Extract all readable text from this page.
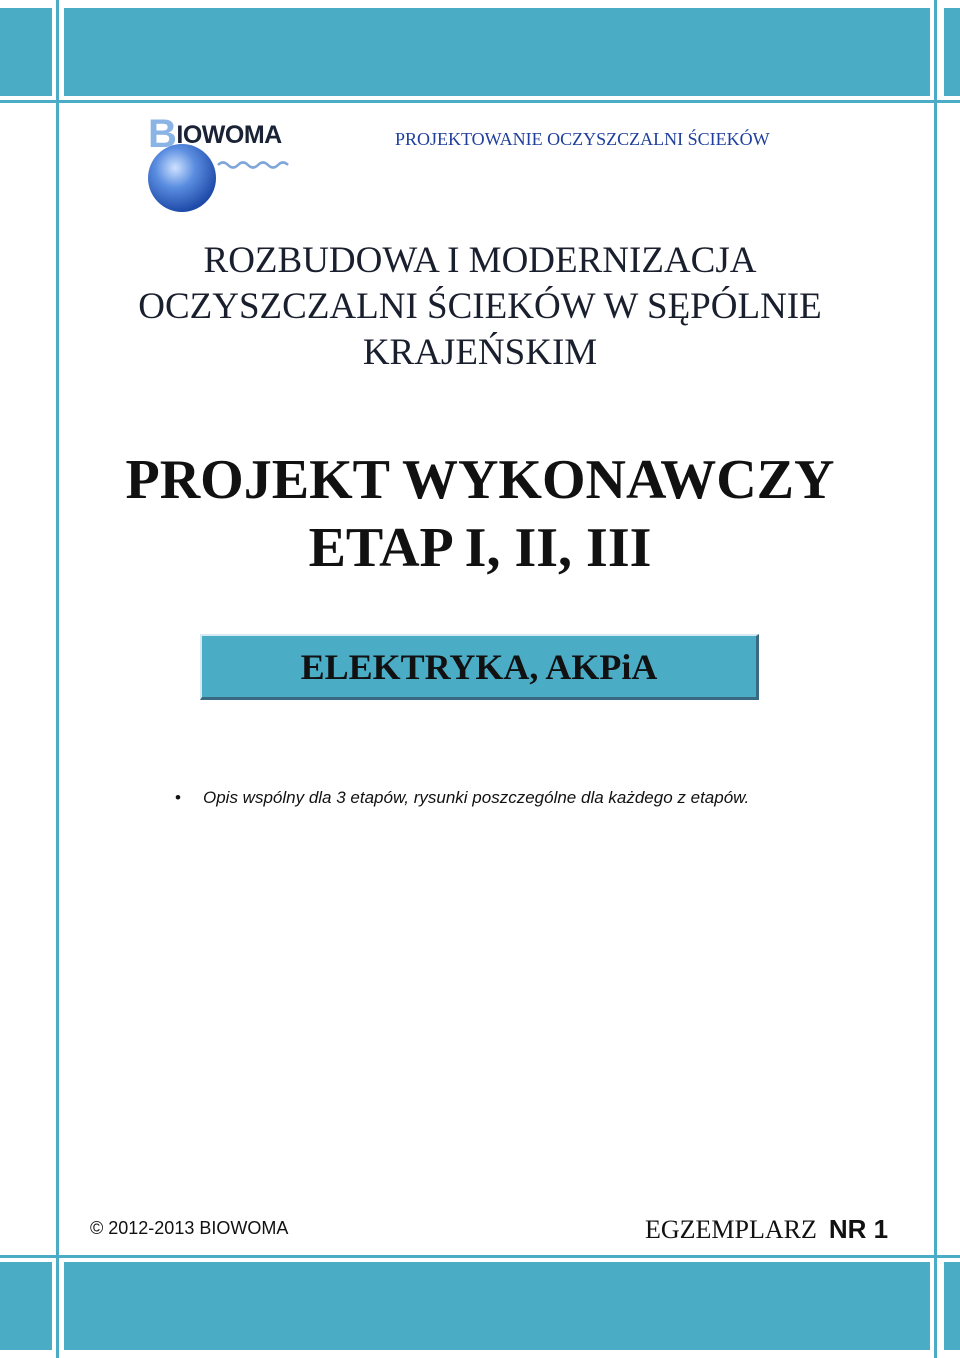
BIOWOMA	PROJEKTOWANIE OCZYSZCZALNI ŚCIEKÓW
ROZBUDOWA I MODERNIZACJA
OCZYSZCZALNI ŚCIEKÓW W SĘPÓLNIE
KRAJEŃSKIM
PROJEKT WYKONAWCZY
ETAP I, II, III
ELEKTRYKA, AKPiA
• Opis wspólny dla 3 etapów, rysunki poszczególne dla każdego z etapów.
© 2012-2013 BIOWOMA	EGZEMPLARZ NR 1
